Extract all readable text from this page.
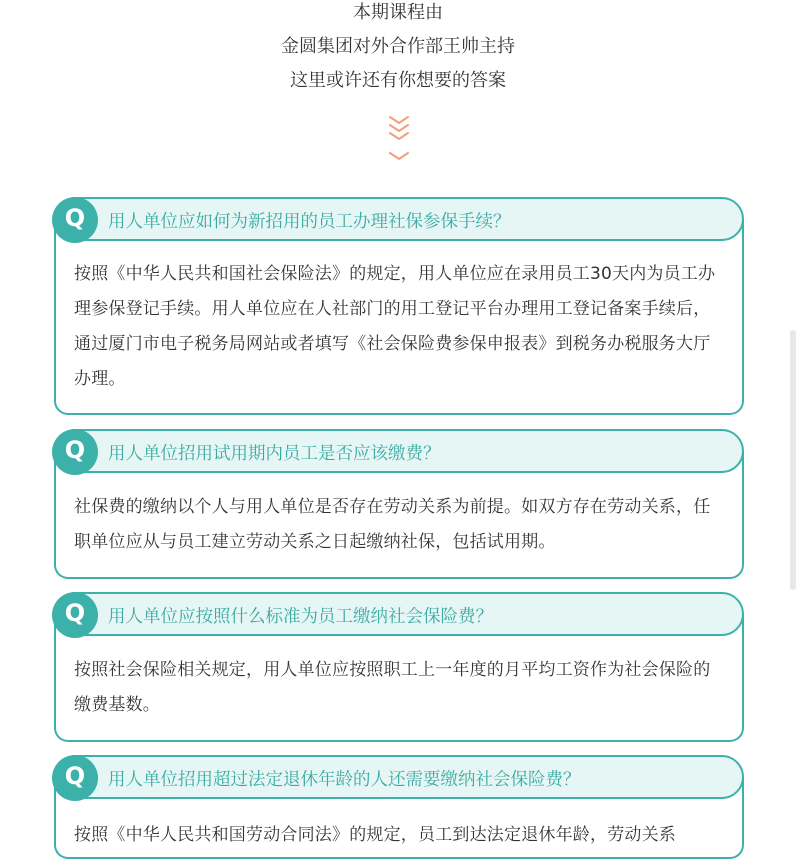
本期课程由
金圆集团对外合作部王帅主持
这里或许还有你想要的答案
Q	用人单位应如何为新招用的员工办理社保参保手续？
按照《中华人民共和国社会保险法》的规定，用人单位应在录用员工30天内为员工办理参保登记手续。用人单位应在人社部门的用工登记平台办理用工登记备案手续后，通过厦门市电子税务局网站或者填写《社会保险费参保申报表》到税务办税服务大厅办理。
Q	用人单位招用试用期内员工是否应该缴费？
社保费的缴纳以个人与用人单位是否存在劳动关系为前提。如双方存在劳动关系，任职单位应从与员工建立劳动关系之日起缴纳社保，包括试用期。
Q	用人单位应按照什么标准为员工缴纳社会保险费？
按照社会保险相关规定，用人单位应按照职工上一年度的月平均工资作为社会保险的缴费基数。
Q	用人单位招用超过法定退休年龄的人还需要缴纳社会保险费？
按照《中华人民共和国劳动合同法》的规定，员工到达法定退休年龄，劳动关系
